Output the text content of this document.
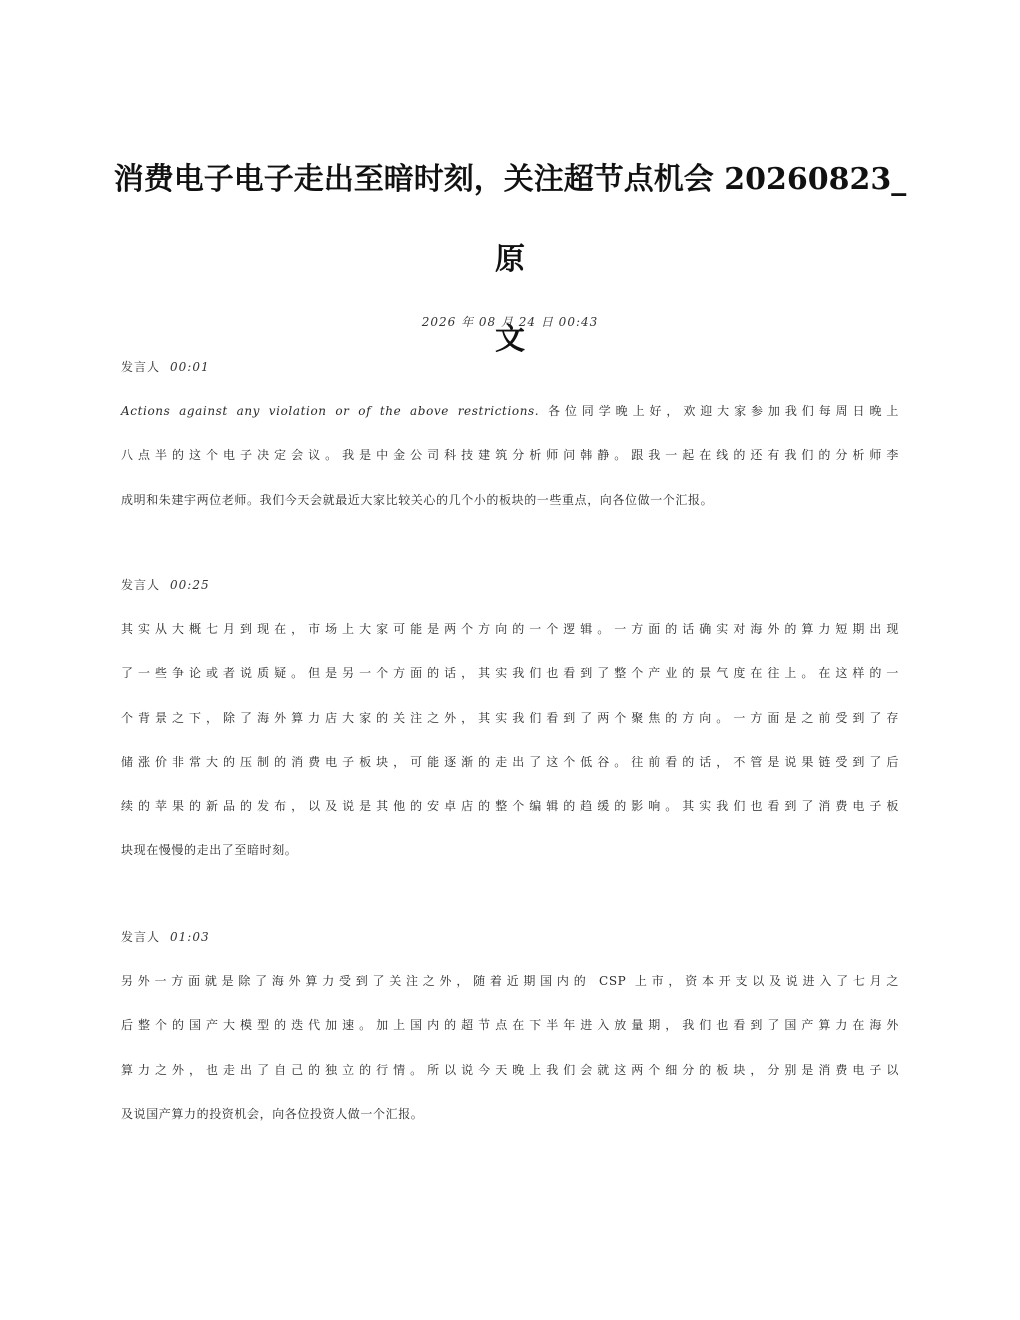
消费电子电子走出至暗时刻，关注超节点机会 20260823_原
文
2026 年 08 月 24 日 00:43
发言人 00:01
Actions against any violation or of the above restrictions. 各位同学晚上好，欢迎大家参加我们每周日晚上
八点半的这个电子决定会议。我是中金公司科技建筑分析师问韩静。跟我一起在线的还有我们的分析师李
成明和朱建宇两位老师。我们今天会就最近大家比较关心的几个小的板块的一些重点，向各位做一个汇报。
发言人 00:25
其实从大概七月到现在，市场上大家可能是两个方向的一个逻辑。一方面的话确实对海外的算力短期出现
了一些争论或者说质疑。但是另一个方面的话，其实我们也看到了整个产业的景气度在往上。在这样的一
个背景之下，除了海外算力店大家的关注之外，其实我们看到了两个聚焦的方向。一方面是之前受到了存
储涨价非常大的压制的消费电子板块，可能逐渐的走出了这个低谷。往前看的话，不管是说果链受到了后
续的苹果的新品的发布，以及说是其他的安卓店的整个编辑的趋缓的影响。其实我们也看到了消费电子板
块现在慢慢的走出了至暗时刻。
发言人 01:03
另外一方面就是除了海外算力受到了关注之外，随着近期国内的 CSP 上市，资本开支以及说进入了七月之
后整个的国产大模型的迭代加速。加上国内的超节点在下半年进入放量期，我们也看到了国产算力在海外
算力之外，也走出了自己的独立的行情。所以说今天晚上我们会就这两个细分的板块，分别是消费电子以
及说国产算力的投资机会，向各位投资人做一个汇报。
